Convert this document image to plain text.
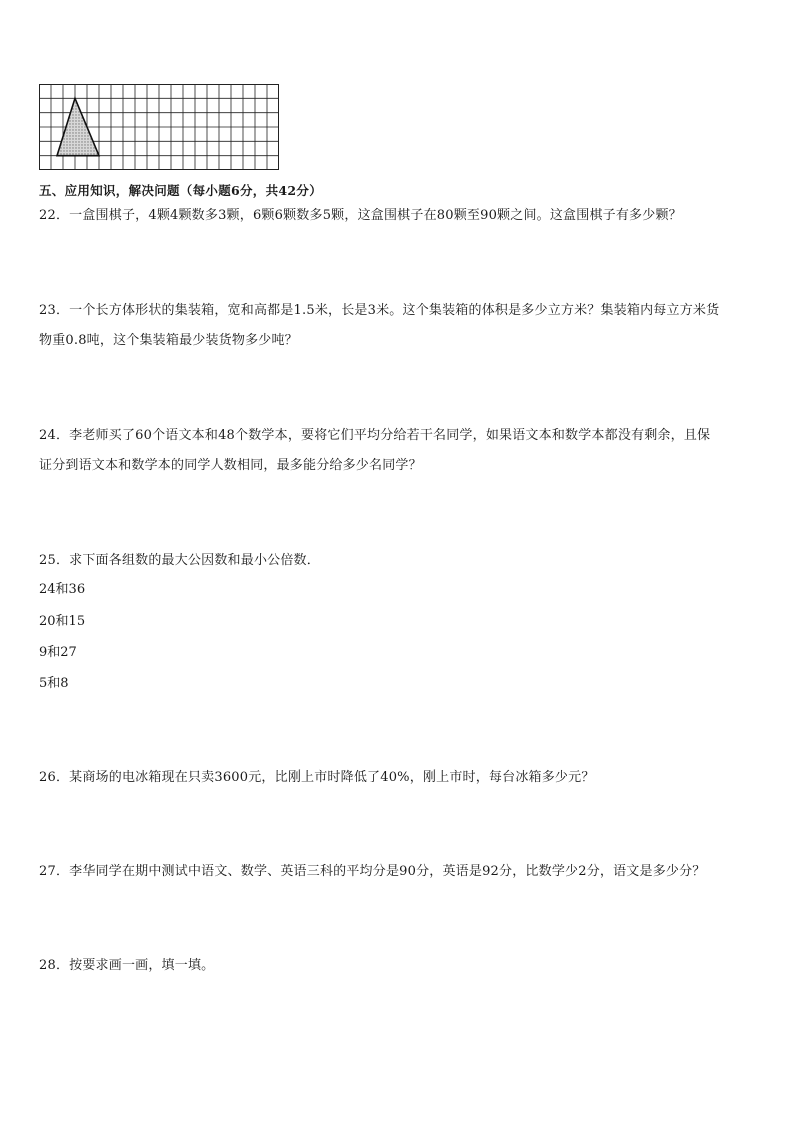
五、应用知识，解决问题（每小题6分，共42分）
22．一盒围棋子，4颗4颗数多3颗，6颗6颗数多5颗，这盒围棋子在80颗至90颗之间。这盒围棋子有多少颗？
23．一个长方体形状的集装箱，宽和高都是1.5米，长是3米。这个集装箱的体积是多少立方米？集装箱内每立方米货
物重0.8吨，这个集装箱最少装货物多少吨？
24．李老师买了60个语文本和48个数学本，要将它们平均分给若干名同学，如果语文本和数学本都没有剩余，且保
证分到语文本和数学本的同学人数相同，最多能分给多少名同学？
25．求下面各组数的最大公因数和最小公倍数．
24和36
20和15
9和27
5和8
26．某商场的电冰箱现在只卖3600元，比刚上市时降低了40%，刚上市时，每台冰箱多少元？
27．李华同学在期中测试中语文、数学、英语三科的平均分是90分，英语是92分，比数学少2分，语文是多少分？
28．按要求画一画，填一填。
